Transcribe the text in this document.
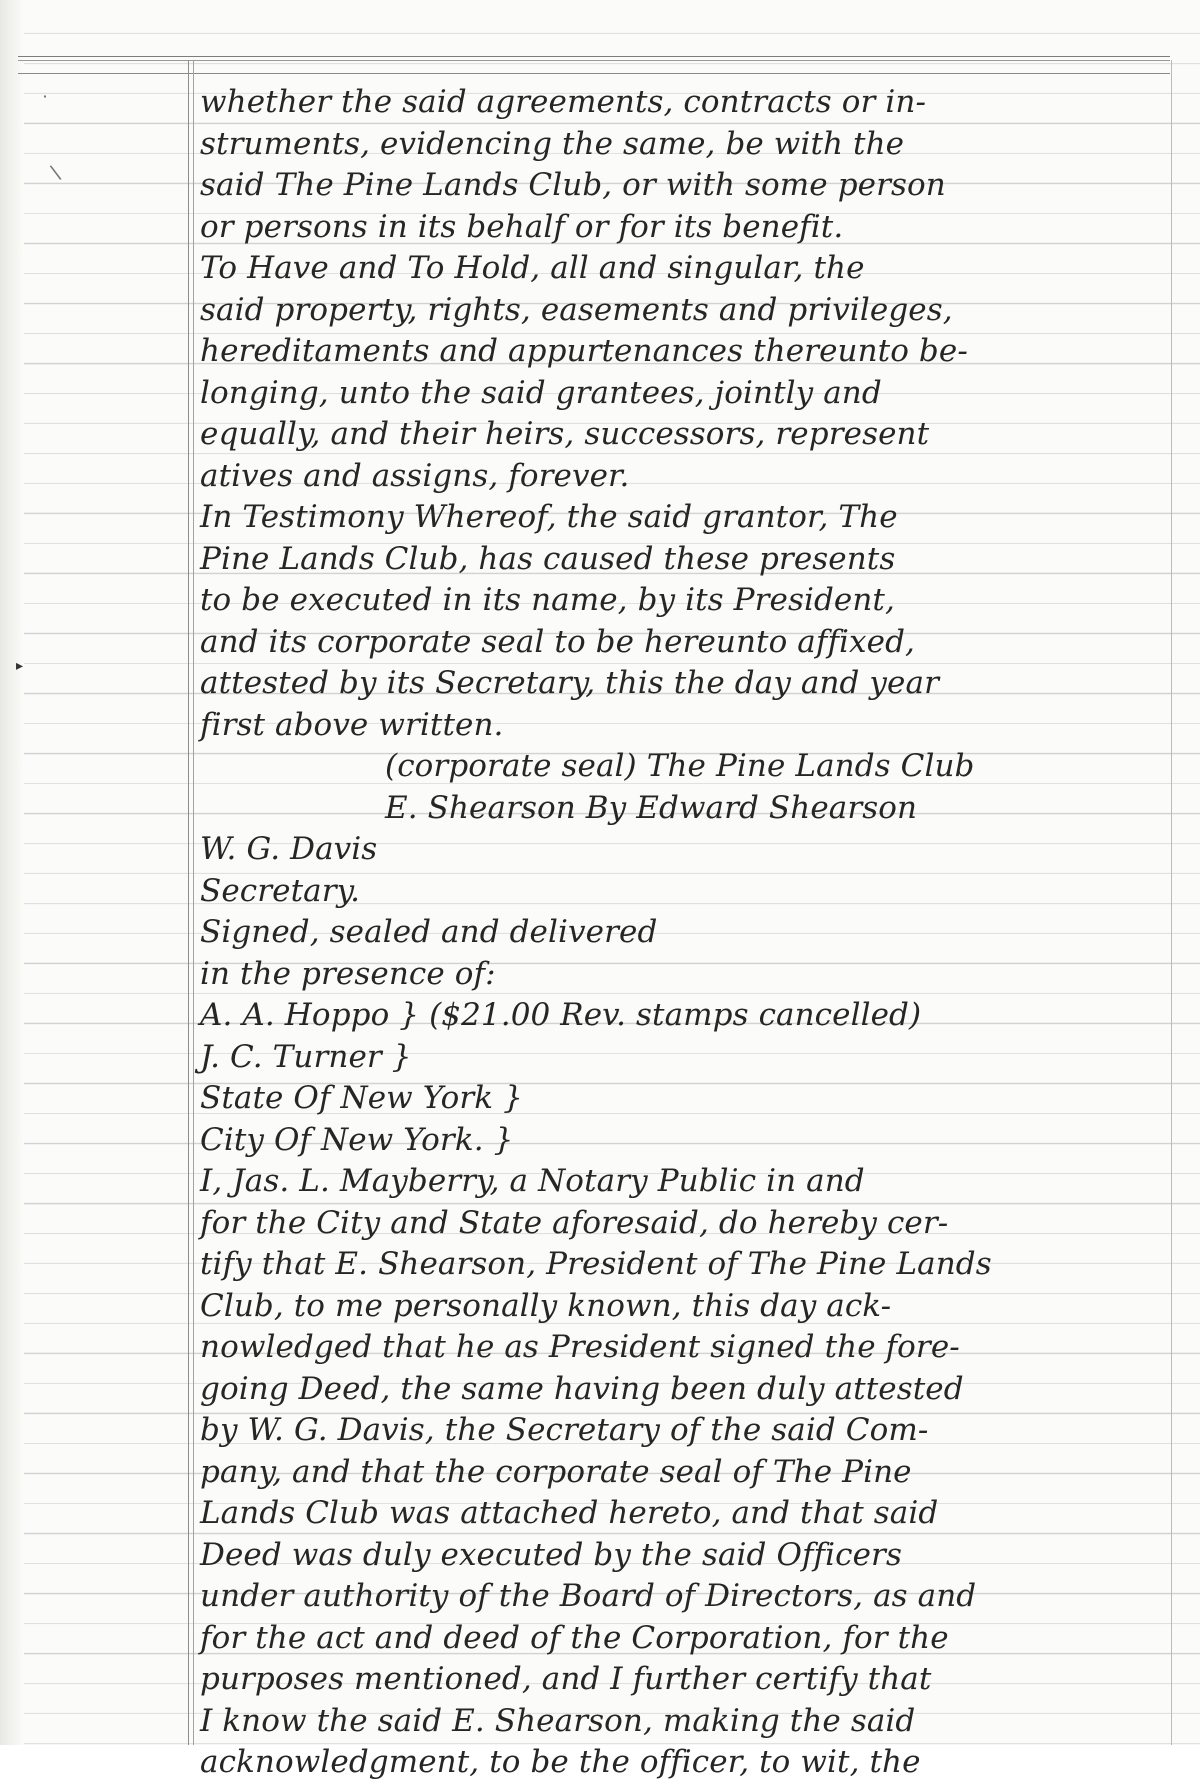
˙
\
▸
whether the said agreements, contracts or in-
struments, evidencing the same, be with the
said The Pine Lands Club, or with some person
or persons in its behalf or for its benefit.
To Have and To Hold, all and singular, the
said property, rights, easements and privileges,
hereditaments and appurtenances thereunto be-
longing, unto the said grantees, jointly and
equally, and their heirs, successors, represent
atives and assigns, forever.
In Testimony Whereof, the said grantor, The
Pine Lands Club, has caused these presents
to be executed in its name, by its President,
and its corporate seal to be hereunto affixed,
attested by its Secretary, this the day and year
first above written.
(corporate seal) The Pine Lands Club
E. Shearson By Edward Shearson
W. G. Davis
Secretary.
Signed, sealed and delivered
in the presence of:
A. A. Hoppo } ($21.00 Rev. stamps cancelled)
J. C. Turner }
State Of New York }
City Of New York. }
I, Jas. L. Mayberry, a Notary Public in and
for the City and State aforesaid, do hereby cer-
tify that E. Shearson, President of The Pine Lands
Club, to me personally known, this day ack-
nowledged that he as President signed the fore-
going Deed, the same having been duly attested
by W. G. Davis, the Secretary of the said Com-
pany, and that the corporate seal of The Pine
Lands Club was attached hereto, and that said
Deed was duly executed by the said Officers
under authority of the Board of Directors, as and
for the act and deed of the Corporation, for the
purposes mentioned, and I further certify that
I know the said E. Shearson, making the said
acknowledgment, to be the officer, to wit, the
